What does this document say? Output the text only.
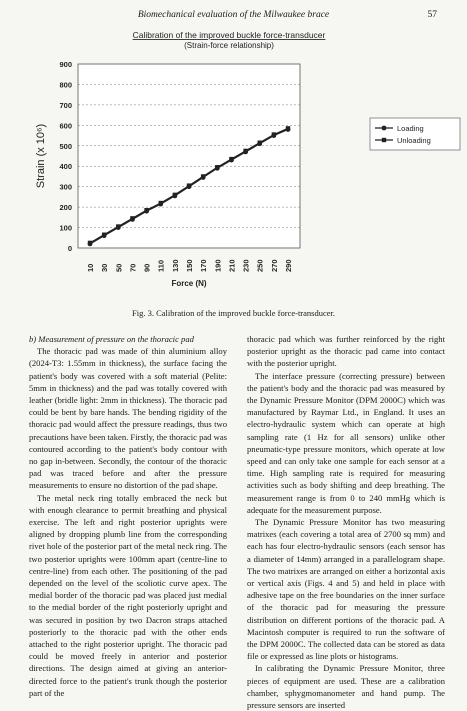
Biomechanical evaluation of the Milwaukee brace	57
Calibration of the improved buckle force-transducer
(Strain-force relationship)
0
100
200
300
400
500
600
700
800
900
Strain (x 10⁶)
10 30 50 70 90 110 130 150 170 190 210 230 250 270 290
Force (N)
Loading
Unloading
Fig. 3. Calibration of the improved buckle force-transducer.

b) Measurement of pressure on the thoracic pad

The thoracic pad was made of thin aluminium alloy (2024-T3: 1.55mm in thickness), the surface facing the patient's body was covered with a soft material (Pelite: 5mm in thickness) and the pad was totally covered with leather (bridle light: 2mm in thickness). The thoracic pad could be bent by bare hands. The bending rigidity of the thoracic pad would affect the pressure readings, thus two precautions have been taken. Firstly, the thoracic pad was contoured according to the patient's body contour with no gap in-between. Secondly, the contour of the thoracic pad was traced before and after the pressure measurements to ensure no distortion of the pad shape.

The metal neck ring totally embraced the neck but with enough clearance to permit breathing and physical exercise. The left and right posterior uprights were aligned by dropping plumb line from the corresponding rivet hole of the posterior part of the metal neck ring. The two posterior uprights were 100mm apart (centre-line to centre-line) from each other. The positioning of the pad depended on the level of the scoliotic curve apex. The medial border of the thoracic pad was placed just medial to the medial border of the right posteriorly upright and was secured in position by two Dacron straps attached posteriorly to the thoracic pad with the other ends attached to the right posterior upright. The thoracic pad could be moved freely in anterior and posterior directions. The design aimed at giving an anterior-directed force to the patient's trunk though the posterior part of the

thoracic pad which was further reinforced by the right posterior upright as the thoracic pad came into contact with the posterior upright.

The interface pressure (correcting pressure) between the patient's body and the thoracic pad was measured by the Dynamic Pressure Monitor (DPM 2000C) which was manufactured by Raymar Ltd., in England. It uses an electro-hydraulic system which can operate at high sampling rate (1 Hz for all sensors) unlike other pneumatic-type pressure monitors, which operate at low speed and can only take one sample for each sensor at a time. High sampling rate is required for measuring activities such as body shifting and deep breathing. The measurement range is from 0 to 240 mmHg which is adequate for the measurement purpose.

The Dynamic Pressure Monitor has two measuring matrixes (each covering a total area of 2700 sq mm) and each has four electro-hydraulic sensors (each sensor has a diameter of 14mm) arranged in a parallelogram shape. The two matrixes are arranged on either a horizontal axis or vertical axis (Figs. 4 and 5) and held in place with adhesive tape on the free boundaries on the inner surface of the thoracic pad for measuring the pressure distribution on different portions of the thoracic pad. A Macintosh computer is required to run the software of the DPM 2000C. The collected data can be stored as data file or expressed as line plots or histograms.

In calibrating the Dynamic Pressure Monitor, three pieces of equipment are used. These are a calibration chamber, sphygmomanometer and hand pump. The pressure sensors are inserted
